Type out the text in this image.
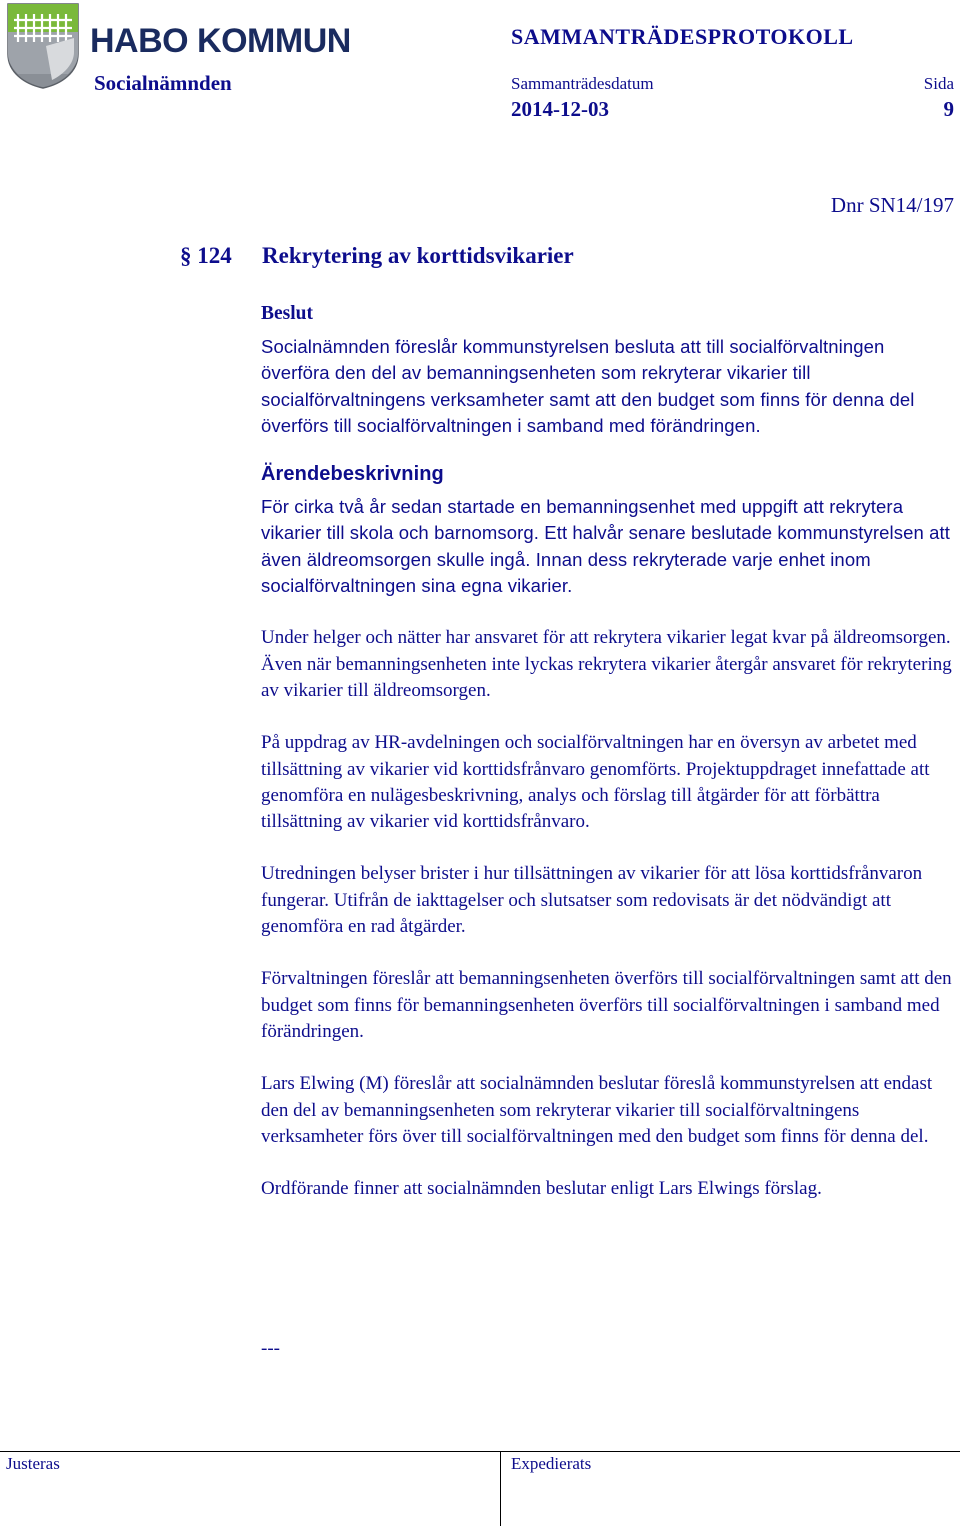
HABO KOMMUN	SAMMANTRÄDESPROTOKOLL
Socialnämnden	Sammanträdesdatum	Sida
2014-12-03	9
Dnr SN14/197
§ 124	Rekrytering av korttidsvikarier
Beslut

Socialnämnden föreslår kommunstyrelsen besluta att till socialförvaltningen överföra den del av bemanningsenheten som rekryterar vikarier till socialförvaltningens verksamheter samt att den budget som finns för denna del överförs till socialförvaltningen i samband med förändringen.

Ärendebeskrivning

För cirka två år sedan startade en bemanningsenhet med uppgift att rekrytera vikarier till skola och barnomsorg. Ett halvår senare beslutade kommunstyrelsen att även äldreomsorgen skulle ingå. Innan dess rekryterade varje enhet inom socialförvaltningen sina egna vikarier.

Under helger och nätter har ansvaret för att rekrytera vikarier legat kvar på äldreomsorgen. Även när bemanningsenheten inte lyckas rekrytera vikarier återgår ansvaret för rekrytering av vikarier till äldreomsorgen.

På uppdrag av HR-avdelningen och socialförvaltningen har en översyn av arbetet med tillsättning av vikarier vid korttidsfrånvaro genomförts. Projektuppdraget innefattade att genomföra en nulägesbeskrivning, analys och förslag till åtgärder för att förbättra tillsättning av vikarier vid korttidsfrånvaro.

Utredningen belyser brister i hur tillsättningen av vikarier för att lösa korttidsfrånvaron fungerar. Utifrån de iakttagelser och slutsatser som redovisats är det nödvändigt att genomföra en rad åtgärder.

Förvaltningen föreslår att bemanningsenheten överförs till socialförvaltningen samt att den budget som finns för bemanningsenheten överförs till socialförvaltningen i samband med förändringen.

Lars Elwing (M) föreslår att socialnämnden beslutar föreslå kommunstyrelsen att endast den del av bemanningsenheten som rekryterar vikarier till socialförvaltningens verksamheter förs över till socialförvaltningen med den budget som finns för denna del.

Ordförande finner att socialnämnden beslutar enligt Lars Elwings förslag.

---
Justeras	Expedierats
